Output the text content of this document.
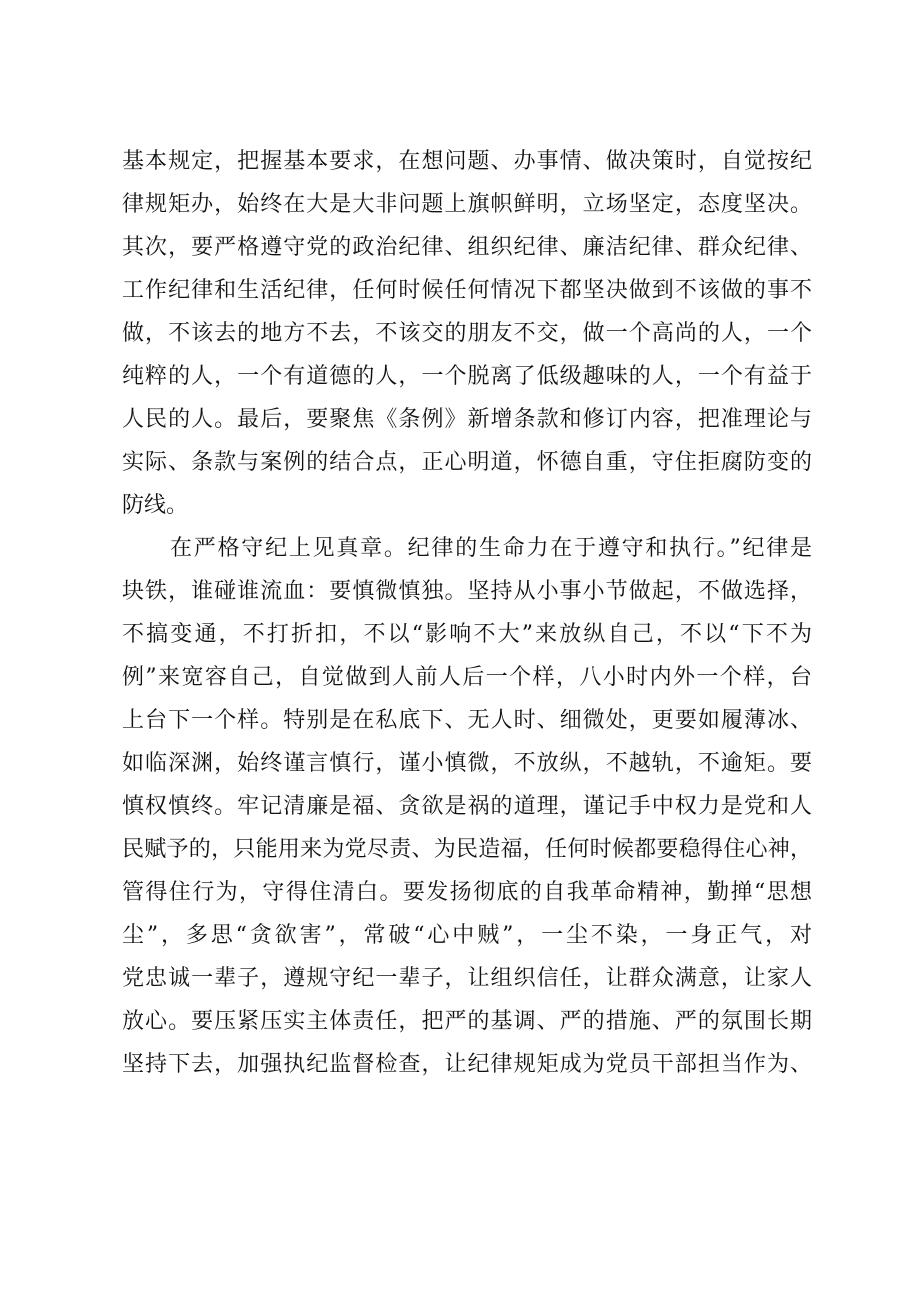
基本规定，把握基本要求，在想问题、办事情、做决策时，自觉按纪
律规矩办，始终在大是大非问题上旗帜鲜明，立场坚定，态度坚决。
其次，要严格遵守党的政治纪律、组织纪律、廉洁纪律、群众纪律、
工作纪律和生活纪律，任何时候任何情况下都坚决做到不该做的事不
做，不该去的地方不去，不该交的朋友不交，做一个高尚的人，一个
纯粹的人，一个有道德的人，一个脱离了低级趣味的人，一个有益于
人民的人。最后，要聚焦《条例》新增条款和修订内容，把准理论与
实际、条款与案例的结合点，正心明道，怀德自重，守住拒腐防变的
防线。
在严格守纪上见真章。纪律的生命力在于遵守和执行。”纪律是
块铁，谁碰谁流血：要慎微慎独。坚持从小事小节做起，不做选择，
不搞变通，不打折扣，不以“影响不大”来放纵自己，不以“下不为
例”来宽容自己，自觉做到人前人后一个样，八小时内外一个样，台
上台下一个样。特别是在私底下、无人时、细微处，更要如履薄冰、
如临深渊，始终谨言慎行，谨小慎微，不放纵，不越轨，不逾矩。要
慎权慎终。牢记清廉是福、贪欲是祸的道理，谨记手中权力是党和人
民赋予的，只能用来为党尽责、为民造福，任何时候都要稳得住心神，
管得住行为，守得住清白。要发扬彻底的自我革命精神，勤掸“思想
尘”，多思“贪欲害”，常破“心中贼”，一尘不染，一身正气，对
党忠诚一辈子，遵规守纪一辈子，让组织信任，让群众满意，让家人
放心。要压紧压实主体责任，把严的基调、严的措施、严的氛围长期
坚持下去，加强执纪监督检查，让纪律规矩成为党员干部担当作为、
